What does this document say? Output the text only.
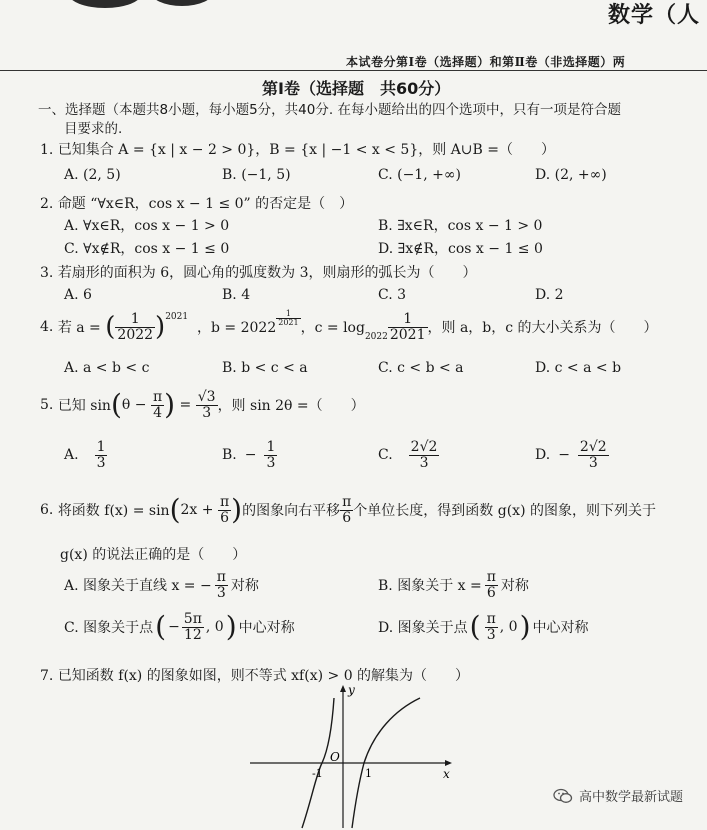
数学（人
本试卷分第Ⅰ卷（选择题）和第Ⅱ卷（非选择题）两
第Ⅰ卷（选择题　共60分）
一、选择题（本题共8小题，每小题5分，共40分. 在每小题给出的四个选项中，只有一项是符合题
目要求的.
1. 已知集合 A = {x | x − 2 > 0}，B = {x | −1 < x < 5}，则 A∪B =（　　）
A. (2, 5)	B. (−1, 5)	C. (−1, +∞)	D. (2, +∞)
2. 命题 “∀x∈R，cos x − 1 ≤ 0” 的否定是（　）
A. ∀x∈R，cos x − 1 > 0	B. ∃x∈R，cos x − 1 > 0
C. ∀x∉R，cos x − 1 ≤ 0	D. ∃x∉R，cos x − 1 ≤ 0
3. 若扇形的面积为 6，圆心角的弧度数为 3，则扇形的弧长为（　　）
A. 6	B. 4	C. 3	D. 2
4.
若 a =
( $\frac{1}{2022} )^{2021}$

，b = 2022
$\frac{1}{2021}$
，c = log
$_{2022} \frac{1}{2021}$ ，则 a，b，c 的大小关系为（　　）
A. a < b < c	B. b < c < a	C. c < b < a	D. c < a < b
5.
已知 sin ( θ −
$\frac{\pi}{4}$ )
=
$\frac{√3}{3}$ ，则 sin 2θ =（　　）
A. $\frac{1}{3}$	B. − $\frac{1}{3}$	C. $\frac{2√2}{3}$	D. − $\frac{2√2}{3}$
6.
将函数 f(x) = sin ( 2x +
$\frac{\pi}{6}$ ) 的图象向右平移 $\frac{\pi}{6}$ 个单位长度，得到函数 g(x) 的图象，则下列关于
g(x) 的说法正确的是（　　）
A. 图象关于直线 x = − $\frac{\pi}{3}$ 对称	B. 图象关于 $x = \frac{\pi}{6}$ 对称
C. 图象关于点 ( − $\frac{5\pi}{12}$ , 0 ) 中心对称	D. 图象关于点 ( $\frac{\pi}{3}$ , 0 ) 中心对称
7. 已知函数 f(x) 的图象如图，则不等式 xf(x) > 0 的解集为（　　）
y
x
O
-1	1
高中数学最新试题
